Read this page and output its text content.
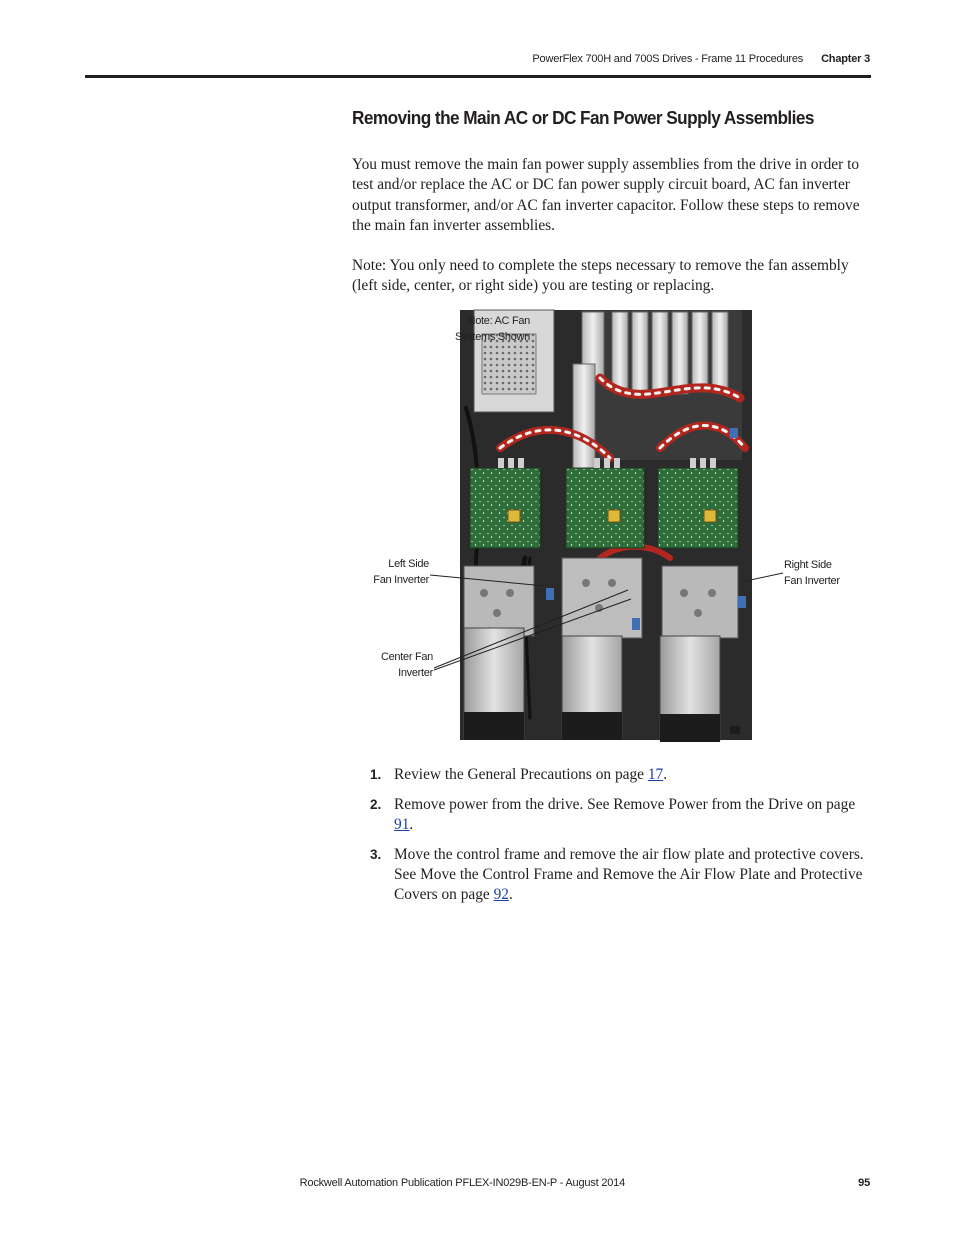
PowerFlex 700H and 700S Drives - Frame 11 Procedures Chapter 3
Removing the Main AC or DC Fan Power Supply Assemblies

You must remove the main fan power supply assemblies from the drive in order to test and/or replace the AC or DC fan power supply circuit board, AC fan inverter output transformer, and/or AC fan inverter capacitor. Follow these steps to remove the main fan inverter assemblies.

Note: You only need to complete the steps necessary to remove the fan assembly (left side, center, or right side) you are testing or replacing.

Note: AC Fan
Systems Shown
Left Side
Fan Inverter
Right Side
Fan Inverter
Center Fan
Inverter
1. Review the General Precautions on page 17.
2. Remove power from the drive. See Remove Power from the Drive on page 91.
3. Move the control frame and remove the air flow plate and protective covers. See Move the Control Frame and Remove the Air Flow Plate and Protective Covers on page 92.
Rockwell Automation Publication PFLEX-IN029B-EN-P - August 2014	95
